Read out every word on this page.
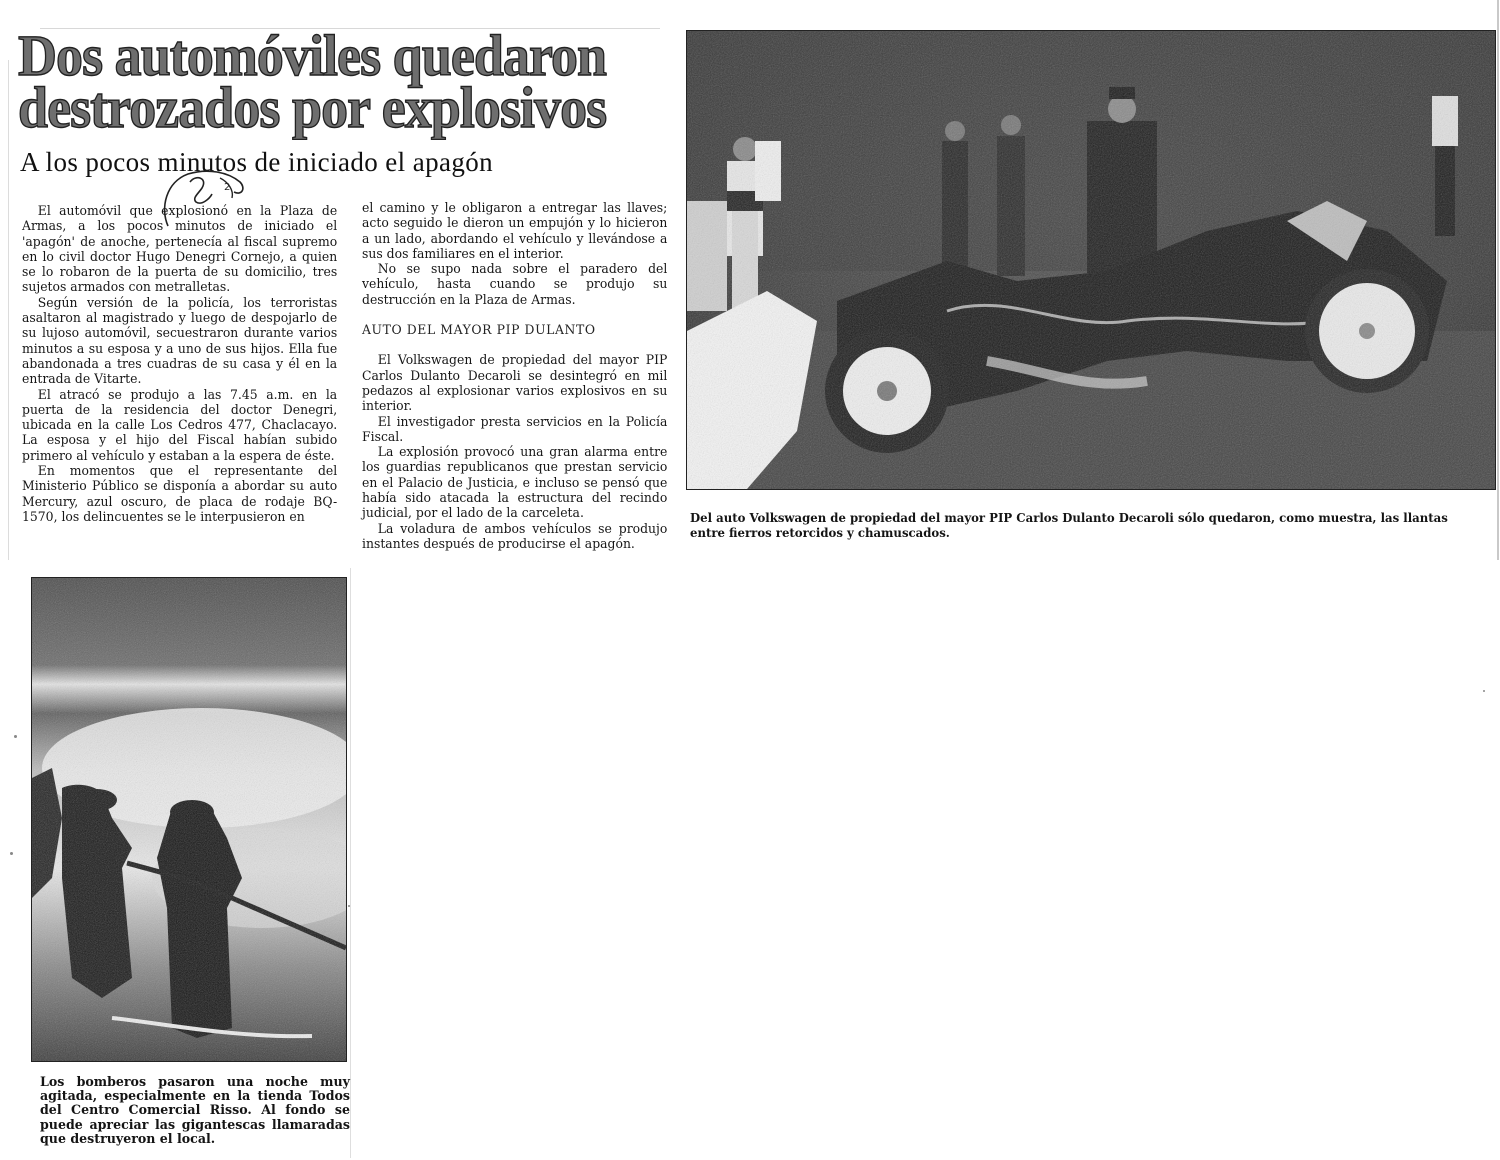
Dos automóviles quedaron
destrozados por explosivos
A los pocos minutos de iniciado el apagón
2

El automóvil que explosionó en la Plaza de Armas, a los pocos minutos de iniciado el 'apagón' de anoche, pertenecía al fiscal supremo en lo civil doctor Hugo Denegri Cornejo, a quien se lo robaron de la puerta de su domicilio, tres sujetos armados con metralletas.

Según versión de la policía, los terroristas asaltaron al magistrado y luego de despojarlo de su lujoso automóvil, secuestraron durante varios minutos a su esposa y a uno de sus hijos. Ella fue abandonada a tres cuadras de su casa y él en la entrada de Vitarte.

El atracó se produjo a las 7.45 a.m. en la puerta de la residencia del doctor Denegri, ubicada en la calle Los Cedros 477, Chaclacayo. La esposa y el hijo del Fiscal habían subido primero al vehículo y estaban a la espera de éste.

En momentos que el representante del Ministerio Público se disponía a abordar su auto Mercury, azul oscuro, de placa de rodaje BQ-1570, los delincuentes se le interpusieron en

el camino y le obligaron a entregar las llaves; acto seguido le dieron un empujón y lo hicieron a un lado, abordando el vehículo y llevándose a sus dos familiares en el interior.

No se supo nada sobre el paradero del vehículo, hasta cuando se produjo su destrucción en la Plaza de Armas.

AUTO DEL MAYOR PIP DULANTO

El Volkswagen de propiedad del mayor PIP Carlos Dulanto Decaroli se desintegró en mil pedazos al explosionar varios explosivos en su interior.

El investigador presta servicios en la Policía Fiscal.

La explosión provocó una gran alarma entre los guardias republicanos que prestan servicio en el Palacio de Justicia, e incluso se pensó que había sido atacada la estructura del recindo judicial, por el lado de la carceleta.

La voladura de ambos vehículos se produjo instantes después de producirse el apagón.

Del auto Volkswagen de propiedad del mayor PIP Carlos Dulanto Decaroli sólo quedaron, como muestra, las llantas entre fierros retorcidos y chamuscados.
Los bomberos pasaron una noche muy agitada, especialmente en la tienda Todos del Centro Comercial Risso. Al fondo se puede apreciar las gigantescas llamaradas que destruyeron el local.
